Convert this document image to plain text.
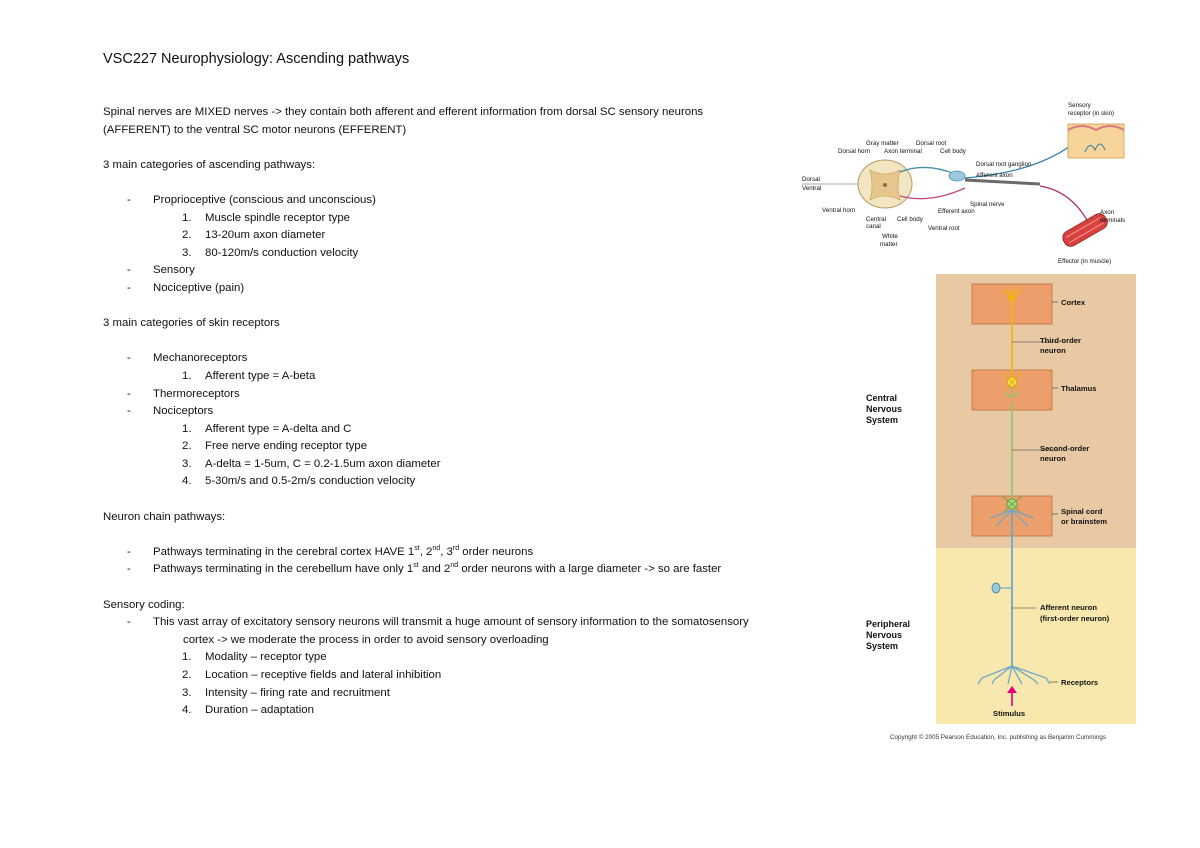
VSC227 Neurophysiology: Ascending pathways

Spinal nerves are MIXED nerves -> they contain both afferent and efferent information from dorsal SC sensory neurons

(AFFERENT) to the ventral SC motor neurons (EFFERENT)

3 main categories of ascending pathways:

-	Proprioceptive (conscious and unconscious)

1.	Muscle spindle receptor type

2.	13-20um axon diameter

3.	80-120m/s conduction velocity

-	Sensory

-	Nociceptive (pain)

3 main categories of skin receptors

-	Mechanoreceptors

1.	Afferent type = A-beta

-	Thermoreceptors

-	Nociceptors

1.	Afferent type = A-delta and C

2.	Free nerve ending receptor type

3.	A-delta = 1-5um, C = 0.2-1.5um axon diameter

4.	5-30m/s and 0.5-2m/s conduction velocity

Neuron chain pathways:

-	Pathways terminating in the cerebral cortex HAVE 1st, 2nd, 3rd order neurons

-	Pathways terminating in the cerebellum have only 1st and 2nd order neurons with a large diameter -> so are faster

Sensory coding:

-	This vast array of excitatory sensory neurons will transmit a huge amount of sensory information to the somatosensory

cortex -> we moderate the process in order to avoid sensory overloading

1.	Modality – receptor type

2.	Location – receptive fields and lateral inhibition

3.	Intensity – firing rate and recruitment

4.	Duration – adaptation

Sensory
receptor (in skin)
Gray matter	Dorsal root
Dorsal horn Axon terminal	Cell body
Dorsal root ganglion
Afferent axon
Dorsal
Ventral
Spinal nerve
Ventral horn	Efferent axon
Central
canal
Cell body
Ventral root
White
matter
Axon
terminals
Effector (in muscle)
Cortex
Third-order
neuron
Thalamus
Central
Nervous
System
Second-order
neuron
Spinal cord
or brainstem
Afferent neuron
(first-order neuron)
Peripheral
Nervous
System
Receptors
Stimulus
Copyright © 2005 Pearson Education, Inc. publishing as Benjamin Cummings
